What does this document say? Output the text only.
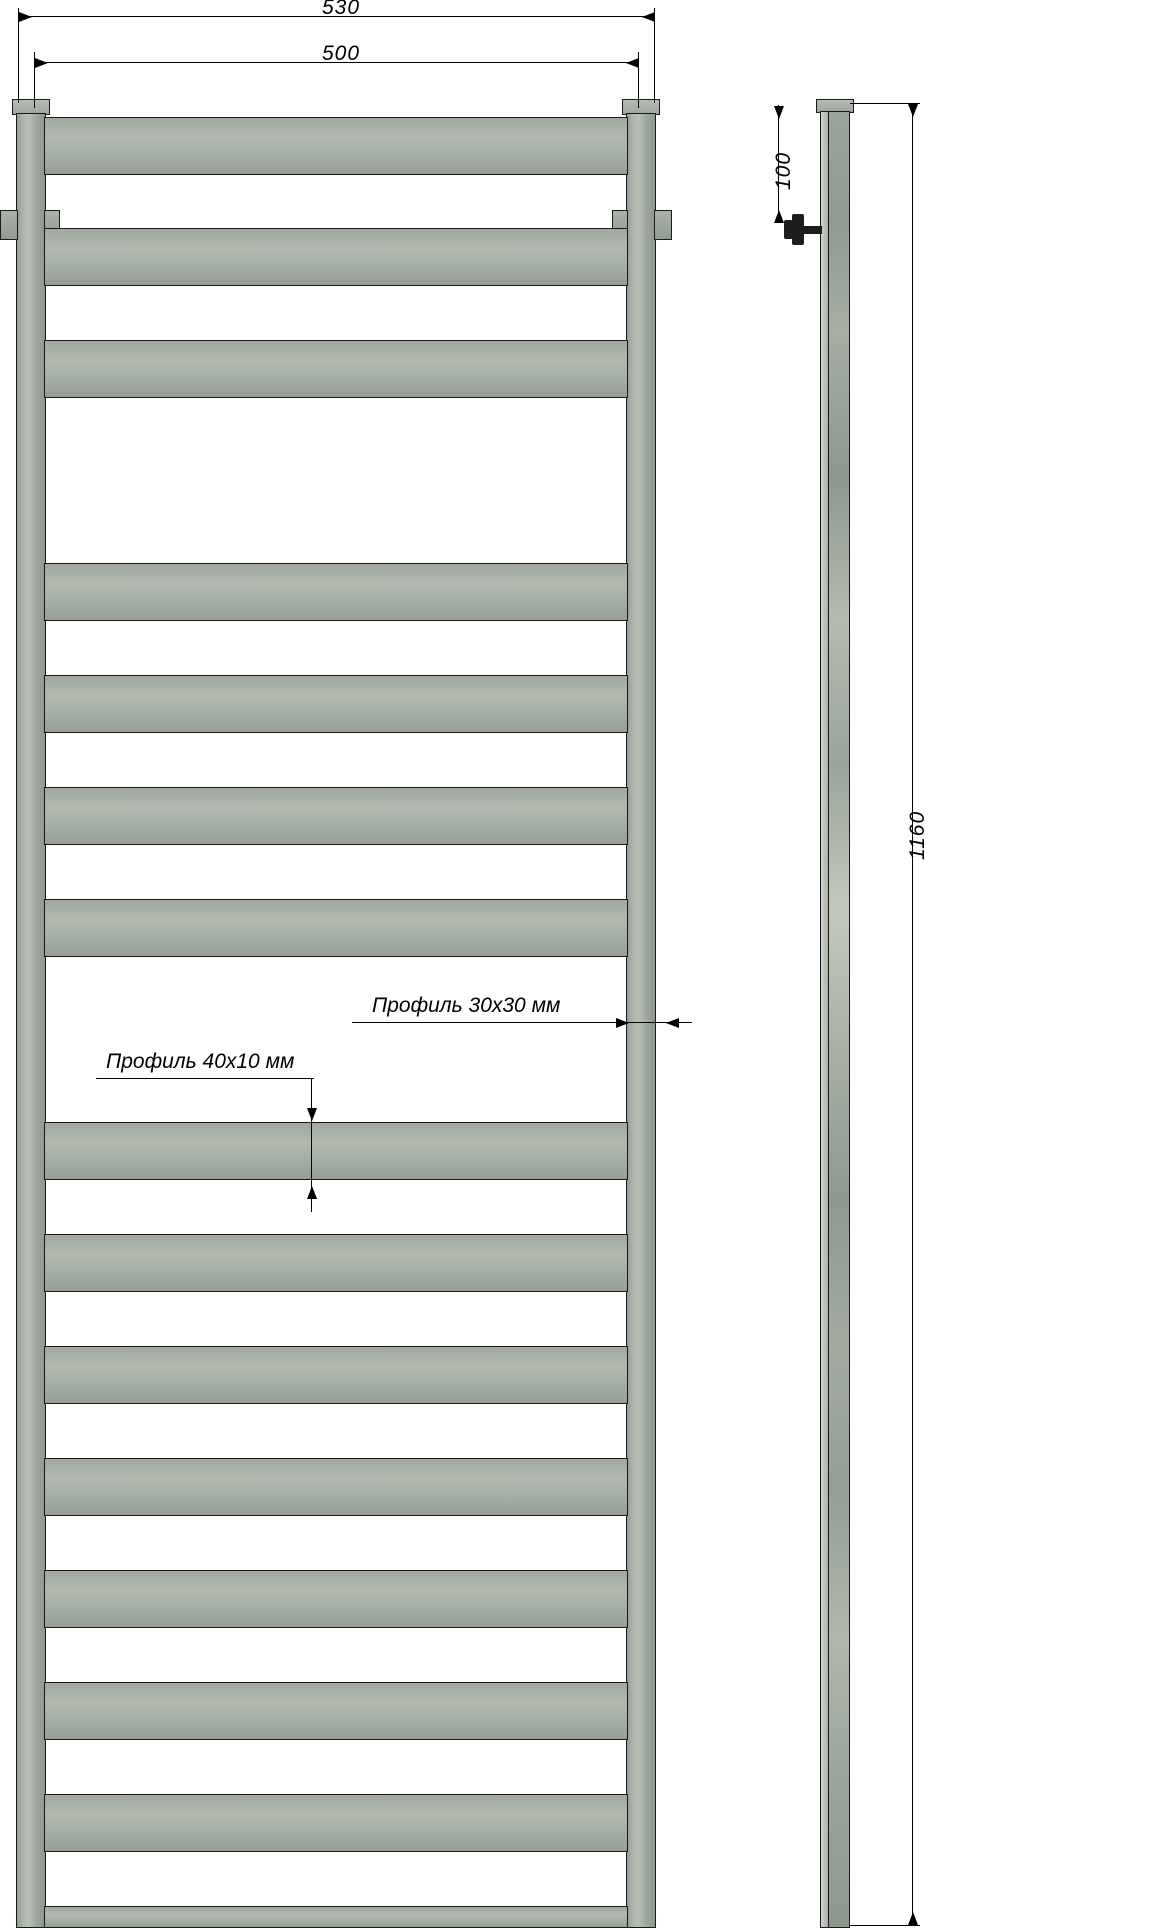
530
500
1160
100
Профиль 30x30 мм
Профиль 40x10 мм
